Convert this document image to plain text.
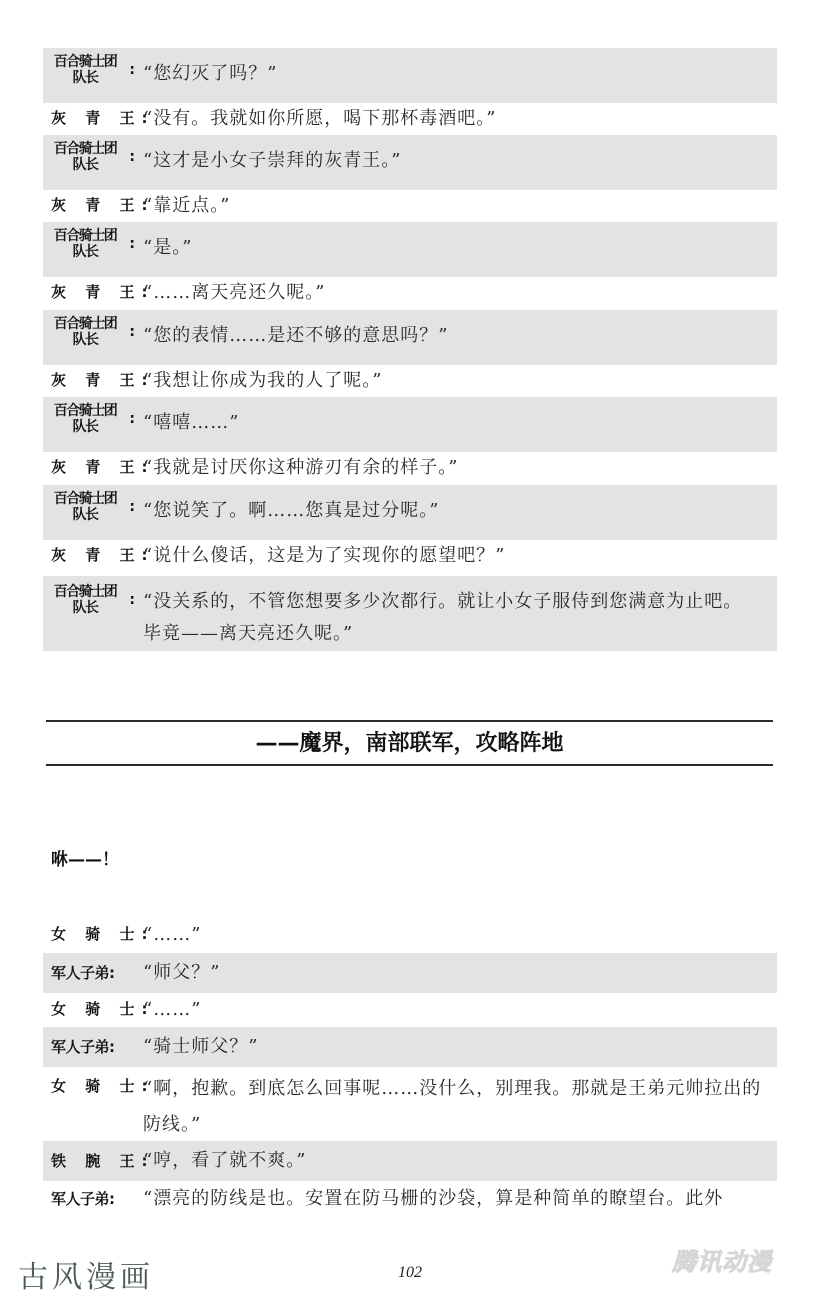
百合骑士团
队长	: “您幻灭了吗？”
灰 青 王:
“没有。我就如你所愿，喝下那杯毒酒吧。”
百合骑士团
队长	: “这才是小女子崇拜的灰青王。”
灰 青 王:
“靠近点。”
百合骑士团
队长	: “是。”
灰 青 王:
“……离天亮还久呢。”
百合骑士团
队长	: “您的表情……是还不够的意思吗？”
灰 青 王:
“我想让你成为我的人了呢。”
百合骑士团
队长	: “嘻嘻……”
灰 青 王:
“我就是讨厌你这种游刃有余的样子。”
百合骑士团
队长	: “您说笑了。啊……您真是过分呢。”
灰 青 王:
“说什么傻话，这是为了实现你的愿望吧？”
百合骑士团
队长	: “没关系的，不管您想要多少次都行。就让小女子服侍到您满意为止吧。毕竟——离天亮还久呢。”
——魔界，南部联军，攻略阵地
咻——！
女 骑 士:
“……”
军人子弟:	“师父？”
女 骑 士:
“……”
军人子弟:	“骑士师父？”
女 骑 士:
“啊，抱歉。到底怎么回事呢……没什么，别理我。那就是王弟元帅拉出的防线。”
铁 腕 王:
“哼，看了就不爽。”
军人子弟:	“漂亮的防线是也。安置在防马栅的沙袋，算是种简单的瞭望台。此外
古风漫画	102	腾讯动漫
